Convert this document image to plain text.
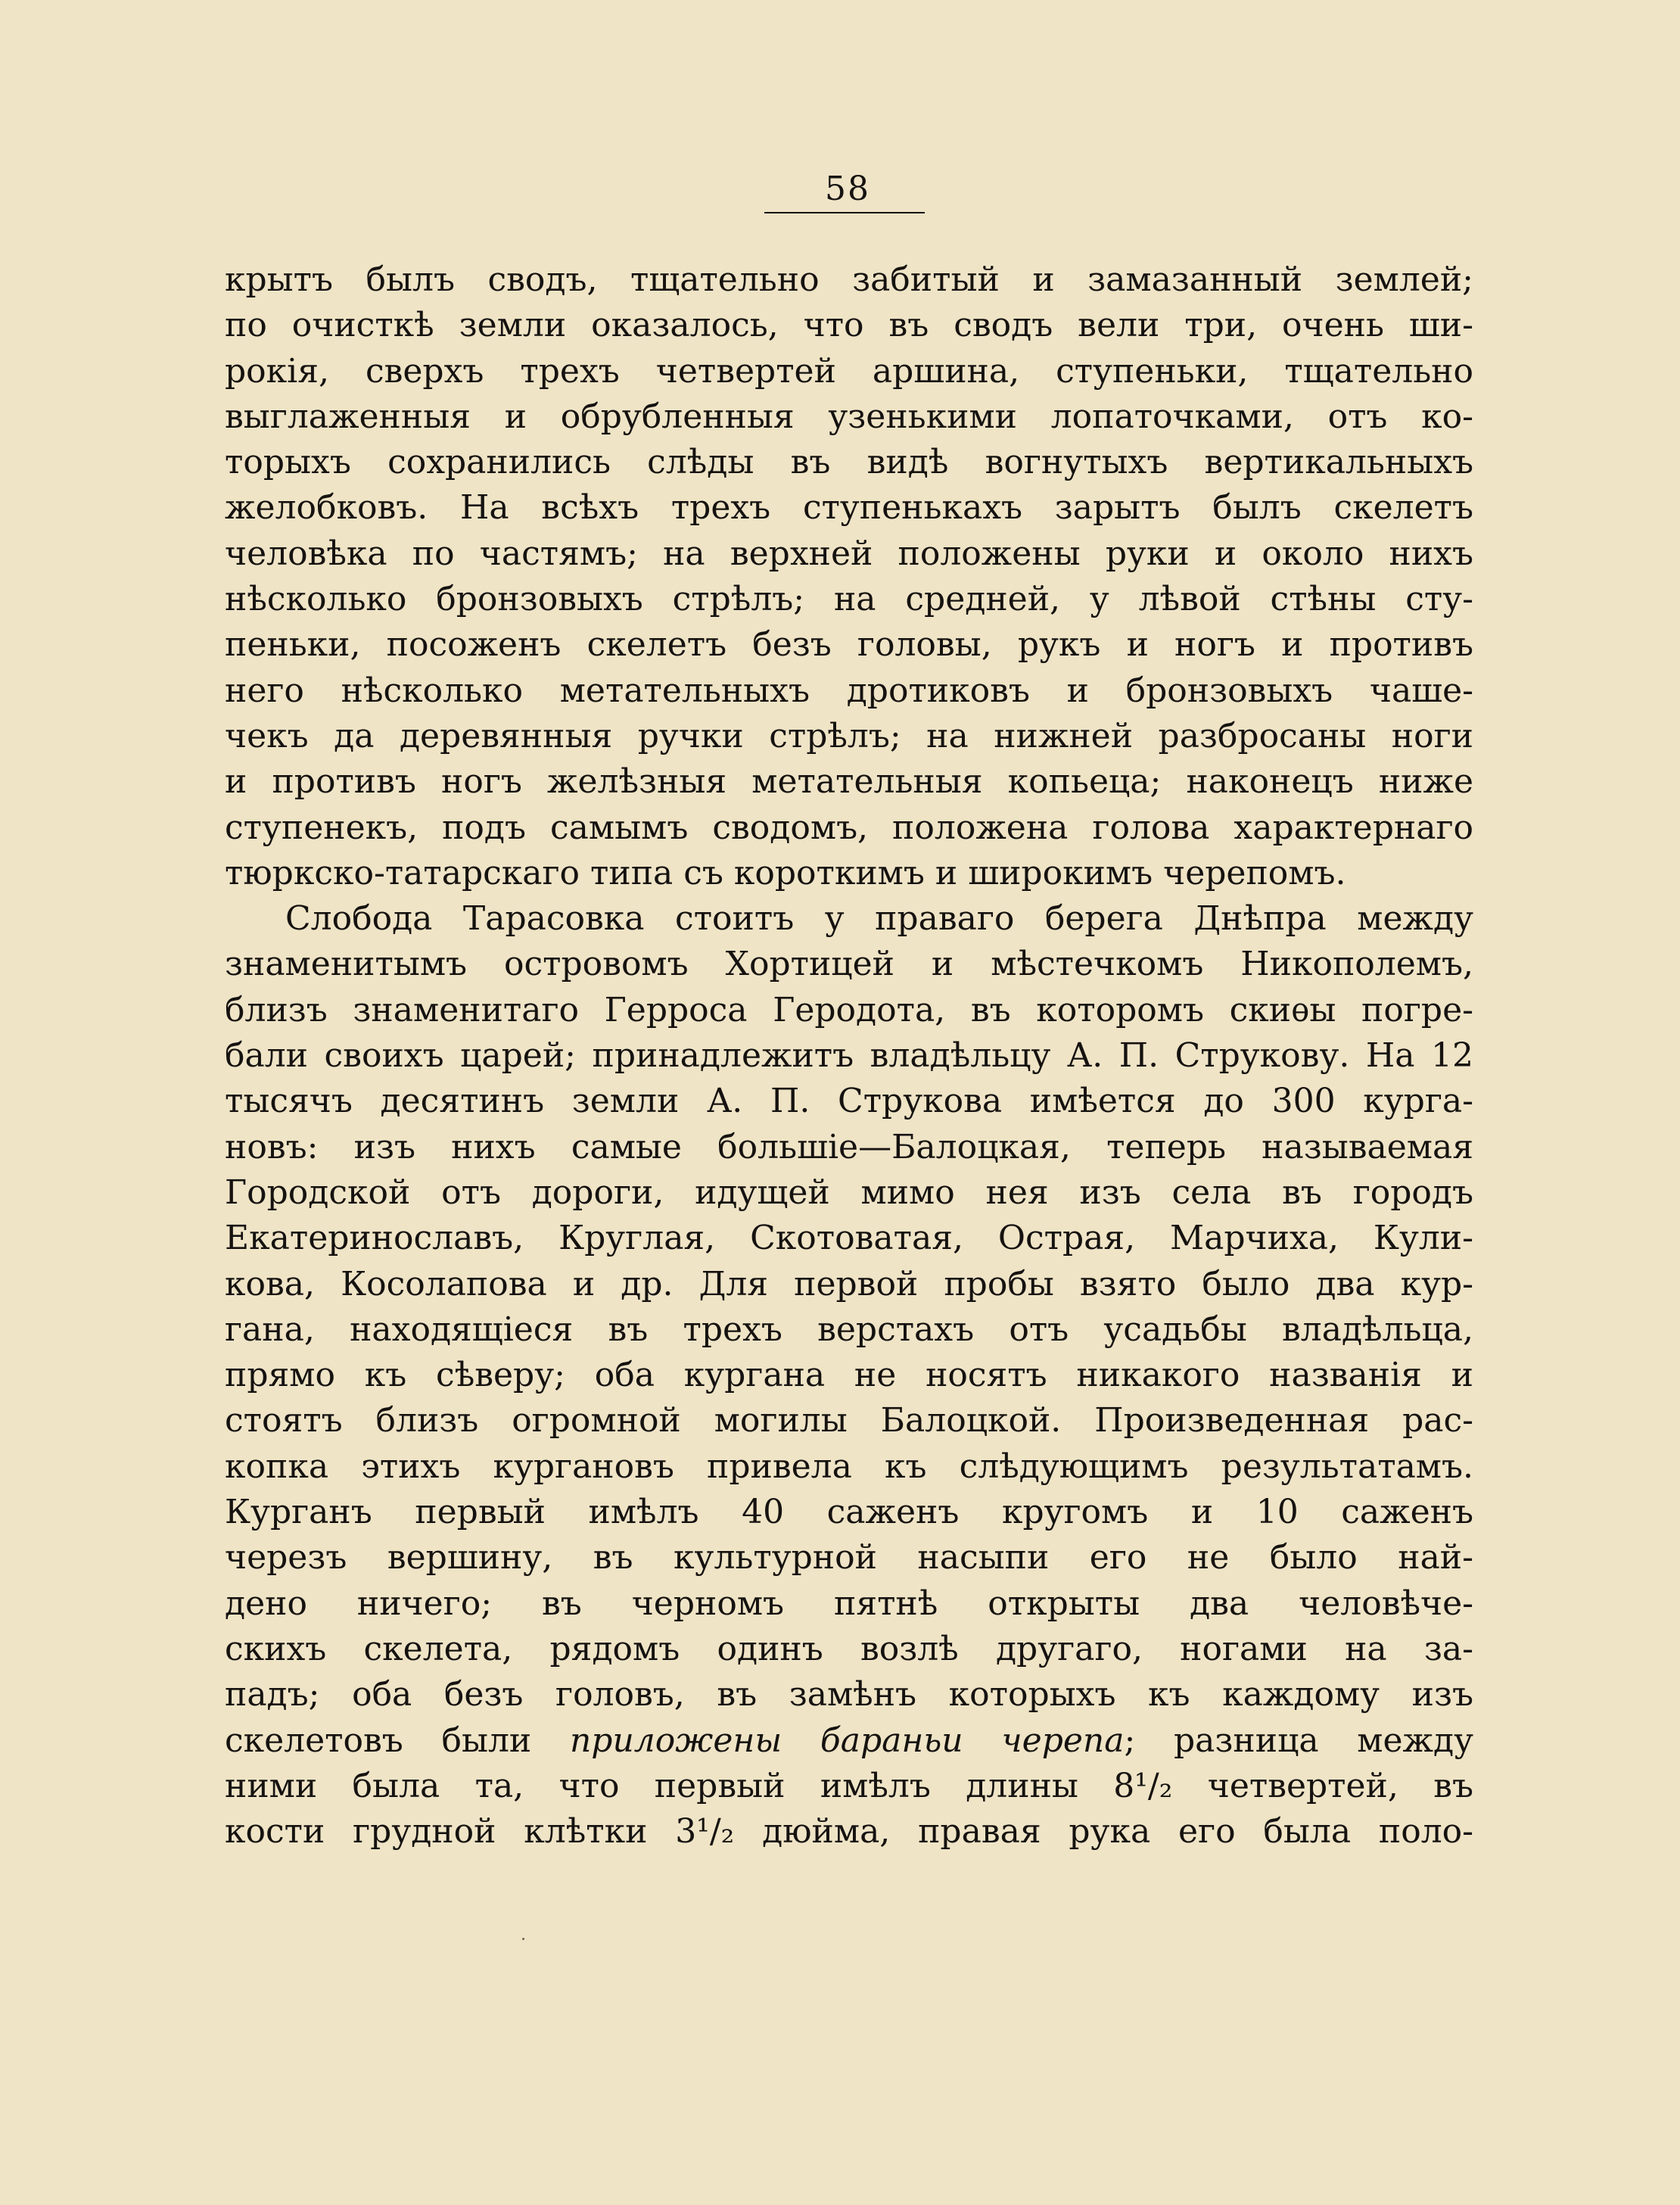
58
крытъ былъ сводъ, тщательно забитый и замазанный землей;
по очисткѣ земли оказалось, что въ сводъ вели три, очень ши-
рокія, сверхъ трехъ четвертей аршина, ступеньки, тщательно
выглаженныя и обрубленныя узенькими лопаточками, отъ ко-
торыхъ сохранились слѣды въ видѣ вогнутыхъ вертикальныхъ
желобковъ. На всѣхъ трехъ ступенькахъ зарытъ былъ скелетъ
человѣка по частямъ; на верхней положены руки и около нихъ
нѣсколько бронзовыхъ стрѣлъ; на средней, у лѣвой стѣны сту-
пеньки, посоженъ скелетъ безъ головы, рукъ и ногъ и противъ
него нѣсколько метательныхъ дротиковъ и бронзовыхъ чаше-
чекъ да деревянныя ручки стрѣлъ; на нижней разбросаны ноги
и противъ ногъ желѣзныя метательныя копьеца; наконецъ ниже
ступенекъ, подъ самымъ сводомъ, положена голова характернаго
тюркско-татарскаго типа съ короткимъ и широкимъ черепомъ.
Слобода Тарасовка стоитъ у праваго берега Днѣпра между
знаменитымъ островомъ Хортицей и мѣстечкомъ Никополемъ,
близъ знаменитаго Герроса Геродота, въ которомъ скиѳы погре-
бали своихъ царей; принадлежитъ владѣльцу А. П. Струкову. На 12
тысячъ десятинъ земли А. П. Струкова имѣется до 300 курга-
новъ: изъ нихъ самые большіе—Балоцкая, теперь называемая
Городской отъ дороги, идущей мимо нея изъ села въ городъ
Екатеринославъ, Круглая, Скотоватая, Острая, Марчиха, Кули-
кова, Косолапова и др. Для первой пробы взято было два кур-
гана, находящіеся въ трехъ верстахъ отъ усадьбы владѣльца,
прямо къ сѣверу; оба кургана не носятъ никакого названія и
стоятъ близъ огромной могилы Балоцкой. Произведенная рас-
копка этихъ кургановъ привела къ слѣдующимъ результатамъ.
Курганъ первый имѣлъ 40 саженъ кругомъ и 10 саженъ
черезъ вершину, въ культурной насыпи его не было най-
дено ничего; въ черномъ пятнѣ открыты два человѣче-
скихъ скелета, рядомъ одинъ возлѣ другаго, ногами на за-
падъ; оба безъ головъ, въ замѣнъ которыхъ къ каждому изъ
скелетовъ были приложены бараньи черепа; разница между
ними была та, что первый имѣлъ длины 8¹/₂ четвертей, въ
кости грудной клѣтки 3¹/₂ дюйма, правая рука его была поло-
